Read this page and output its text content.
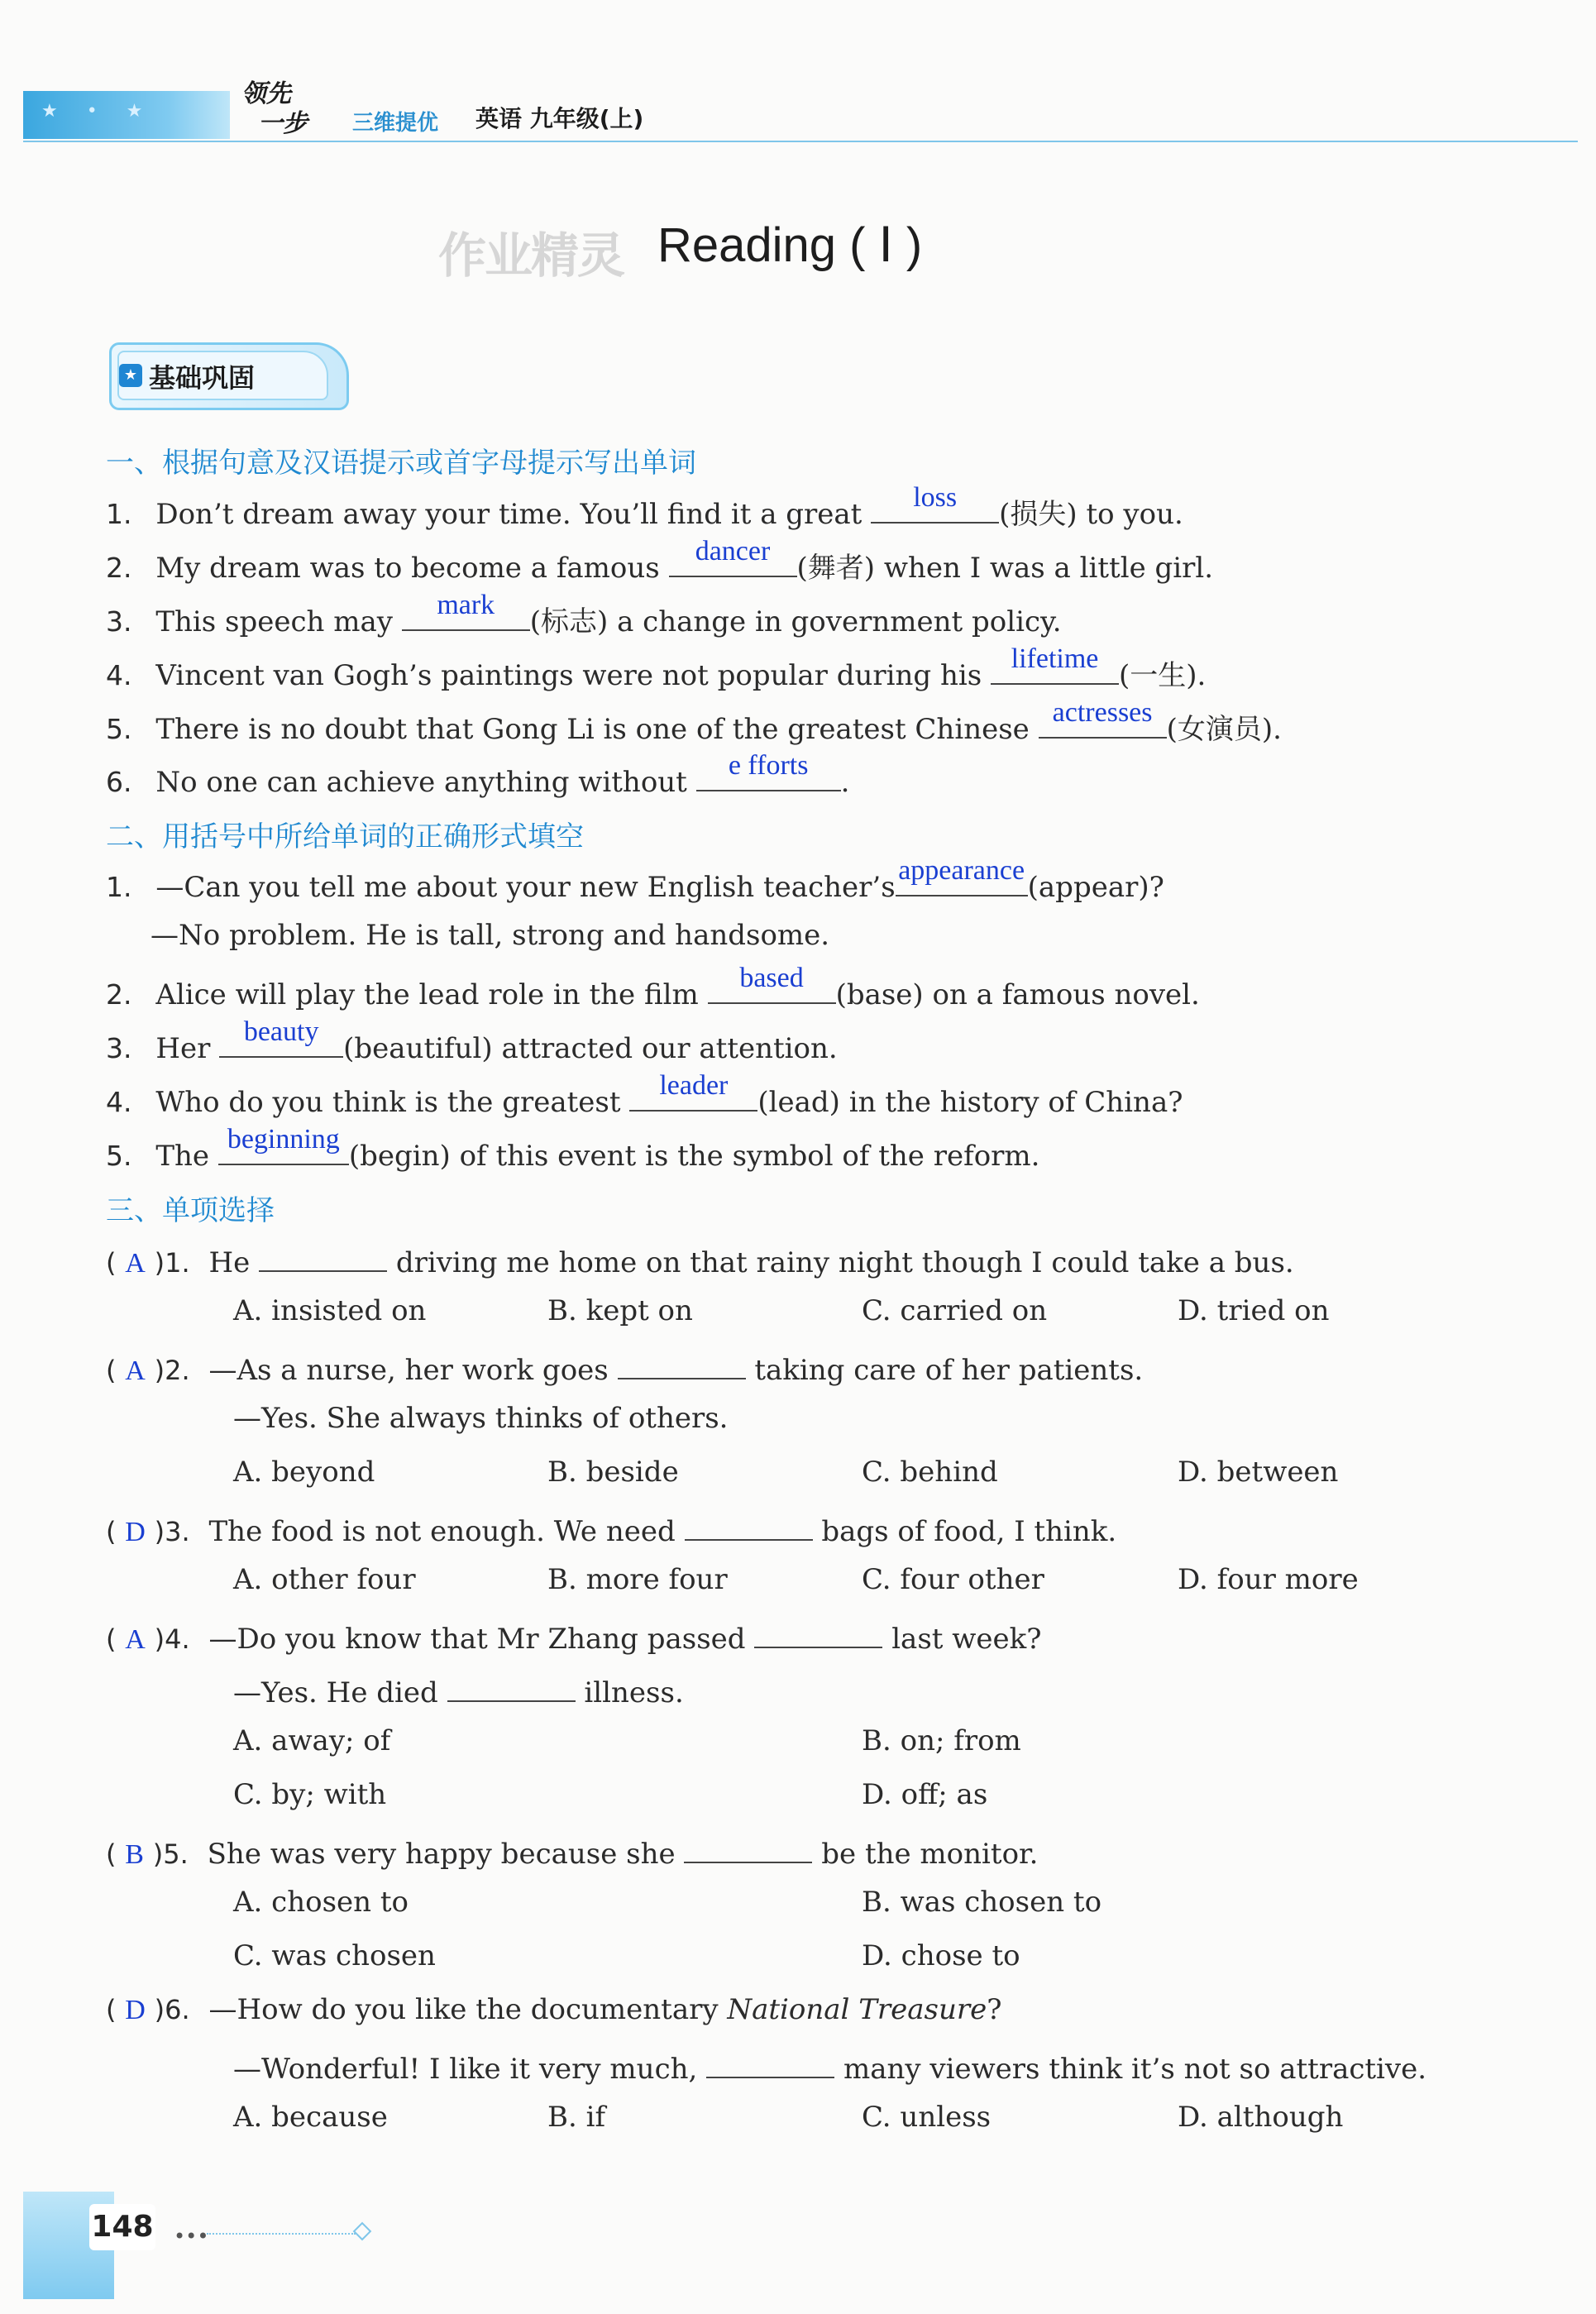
★ • ★
领先
一步 三维提优 英语 九年级(上)
作业精灵 Reading ( Ⅰ )
★ 基础巩固
一、根据句意及汉语提示或首字母提示写出单词
1. Don’t dream away your time. You’ll find it a great
loss
(损失) to you.
2. My dream was to become a famous
dancer
(舞者) when I was a little girl.
3. This speech may
mark
(标志) a change in government policy.
4. Vincent van Gogh’s paintings were not popular during his
lifetime
(一生).
5. There is no doubt that Gong Li is one of the greatest Chinese
actresses
(女演员).
6. No one can achieve anything without
e fforts
.
二、用括号中所给单词的正确形式填空
1. —Can you tell me about your new English teacher’s
appearance
(appear)?
—No problem. He is tall, strong and handsome.
2. Alice will play the lead role in the film
based
(base) on a famous novel.
3. Her
beauty
(beautiful) attracted our attention.
4. Who do you think is the greatest
leader
(lead) in the history of China?
5. The
beginning
(begin) of this event is the symbol of the reform.
三、单项选择
( A )1. He	driving me home on that rainy night though I could take a bus.
A. insisted on	B. kept on	C. carried on	D. tried on
( A )2. —As a nurse, her work goes	taking care of her patients.
—Yes. She always thinks of others.
A. beyond	B. beside	C. behind	D. between
( D )3. The food is not enough. We need	bags of food, I think.
A. other four	B. more four	C. four other	D. four more
( A )4. —Do you know that Mr Zhang passed	last week?
—Yes. He died	illness.
A. away; of	B. on; from
C. by; with	D. off; as
( B )5. She was very happy because she	be the monitor.
A. chosen to	B. was chosen to
C. was chosen	D. chose to
( D )6. —How do you like the documentary National Treasure?
—Wonderful! I like it very much,	many viewers think it’s not so attractive.
A. because	B. if	C. unless	D. although
148 •••
